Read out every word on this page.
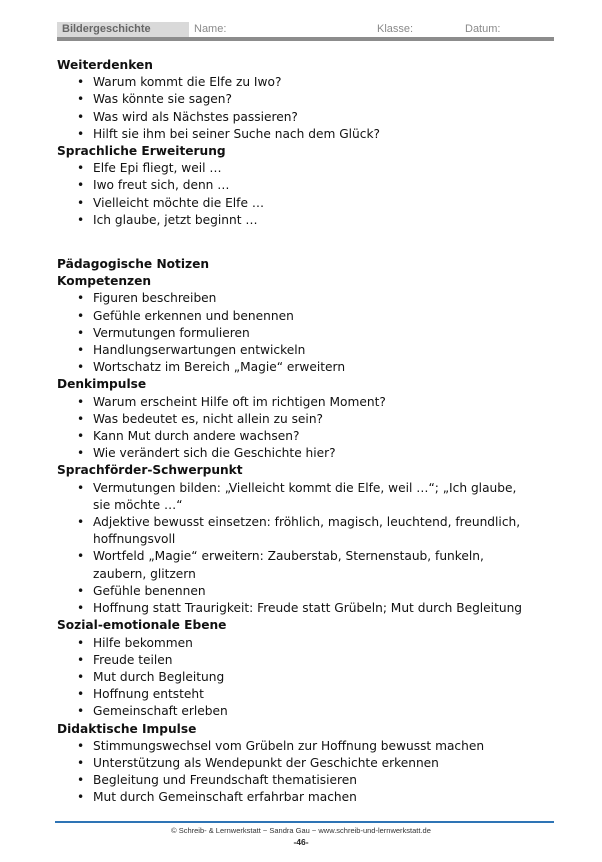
Bildergeschichte	Name:	Klasse:	Datum:
Weiterdenken
• Warum kommt die Elfe zu Iwo?
• Was könnte sie sagen?
• Was wird als Nächstes passieren?
• Hilft sie ihm bei seiner Suche nach dem Glück?
Sprachliche Erweiterung
• Elfe Epi fliegt, weil …
• Iwo freut sich, denn …
• Vielleicht möchte die Elfe …
• Ich glaube, jetzt beginnt …
Pädagogische Notizen
Kompetenzen
• Figuren beschreiben
• Gefühle erkennen und benennen
• Vermutungen formulieren
• Handlungserwartungen entwickeln
• Wortschatz im Bereich „Magie“ erweitern
Denkimpulse
• Warum erscheint Hilfe oft im richtigen Moment?
• Was bedeutet es, nicht allein zu sein?
• Kann Mut durch andere wachsen?
• Wie verändert sich die Geschichte hier?
Sprachförder-Schwerpunkt
• Vermutungen bilden: „Vielleicht kommt die Elfe, weil …“; „Ich glaube, sie möchte …“
• Adjektive bewusst einsetzen: fröhlich, magisch, leuchtend, freundlich, hoffnungsvoll
• Wortfeld „Magie“ erweitern: Zauberstab, Sternenstaub, funkeln, zaubern, glitzern
• Gefühle benennen
• Hoffnung statt Traurigkeit: Freude statt Grübeln; Mut durch Begleitung
Sozial-emotionale Ebene
• Hilfe bekommen
• Freude teilen
• Mut durch Begleitung
• Hoffnung entsteht
• Gemeinschaft erleben
Didaktische Impulse
• Stimmungswechsel vom Grübeln zur Hoffnung bewusst machen
• Unterstützung als Wendepunkt der Geschichte erkennen
• Begleitung und Freundschaft thematisieren
• Mut durch Gemeinschaft erfahrbar machen
© Schreib- & Lernwerkstatt ~ Sandra Gau ~ www.schreib-und-lernwerkstatt.de
-46-
